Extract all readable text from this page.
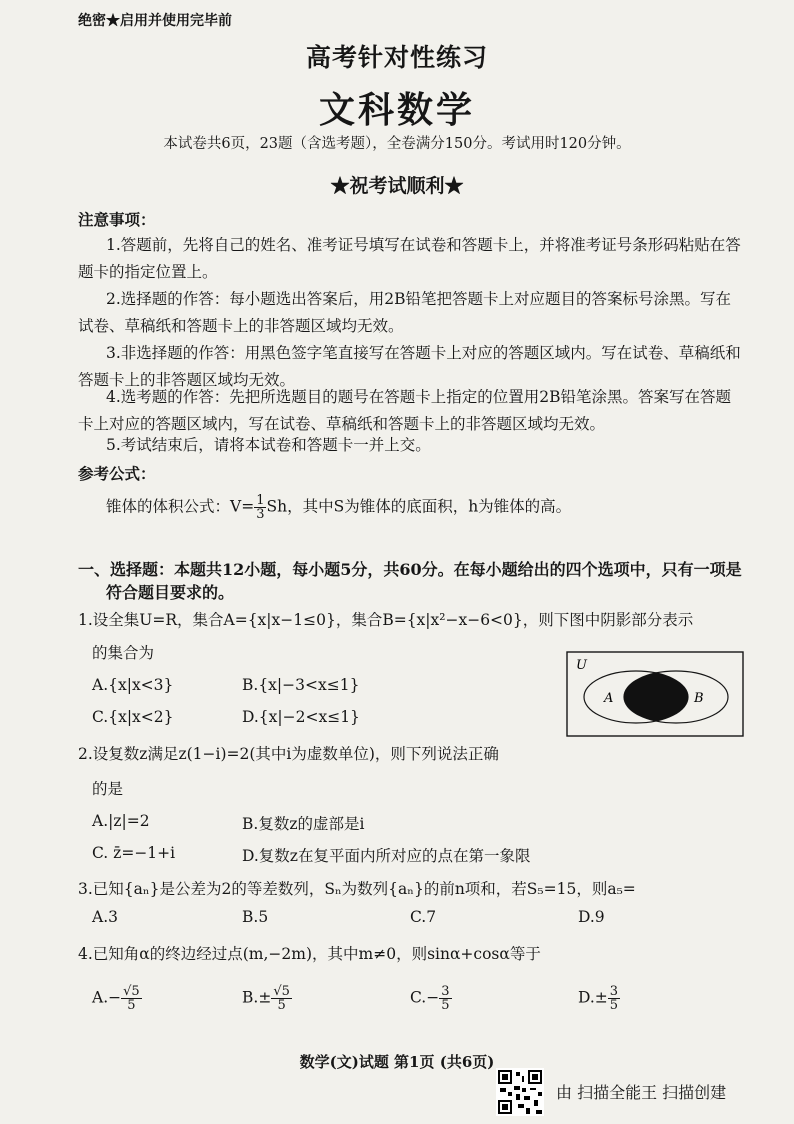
绝密★启用并使用完毕前
高考针对性练习
文科数学
本试卷共6页，23题（含选考题），全卷满分150分。考试用时120分钟。
★祝考试顺利★
注意事项：
1.答题前，先将自己的姓名、准考证号填写在试卷和答题卡上，并将准考证号条形码粘贴在答题卡的指定位置上。
2.选择题的作答：每小题选出答案后，用2B铅笔把答题卡上对应题目的答案标号涂黑。写在试卷、草稿纸和答题卡上的非答题区域均无效。
3.非选择题的作答：用黑色签字笔直接写在答题卡上对应的答题区域内。写在试卷、草稿纸和答题卡上的非答题区域均无效。
4.选考题的作答：先把所选题目的题号在答题卡上指定的位置用2B铅笔涂黑。答案写在答题卡上对应的答题区域内，写在试卷、草稿纸和答题卡上的非答题区域均无效。
5.考试结束后，请将本试卷和答题卡一并上交。
参考公式：
锥体的体积公式：$V= \frac{1}{3}$ Sh，其中S为锥体的底面积，h为锥体的高。
一、选择题：本题共12小题，每小题5分，共60分。在每小题给出的四个选项中，只有一项是
符合题目要求的。
1.设全集U=R，集合A={x|x−1≤0}，集合B={x|x²−x−6<0}，则下图中阴影部分表示
的集合为
A.{x|x<3}	B.{x|−3<x≤1}
C.{x|x<2}	D.{x|−2<x≤1}
U
A	B
2.设复数z满足z(1−i)=2(其中i为虚数单位)，则下列说法正确
的是
A.|z|=2	B.复数z的虚部是i
C. z̄=−1+i	D.复数z在复平面内所对应的点在第一象限
3.已知{aₙ}是公差为2的等差数列，Sₙ为数列{aₙ}的前n项和，若S₅=15，则a₅=
A.3	B.5	C.7	D.9
4.已知角α的终边经过点(m,−2m)，其中m≠0，则sinα+cosα等于
$A.- \frac{√5}{5}$	$B.\pm \frac{√5}{5}$	$C.- \frac{3}{5}$	$D.\pm \frac{3}{5}$
数学(文)试题 第1页 (共6页)
由 扫描全能王 扫描创建
